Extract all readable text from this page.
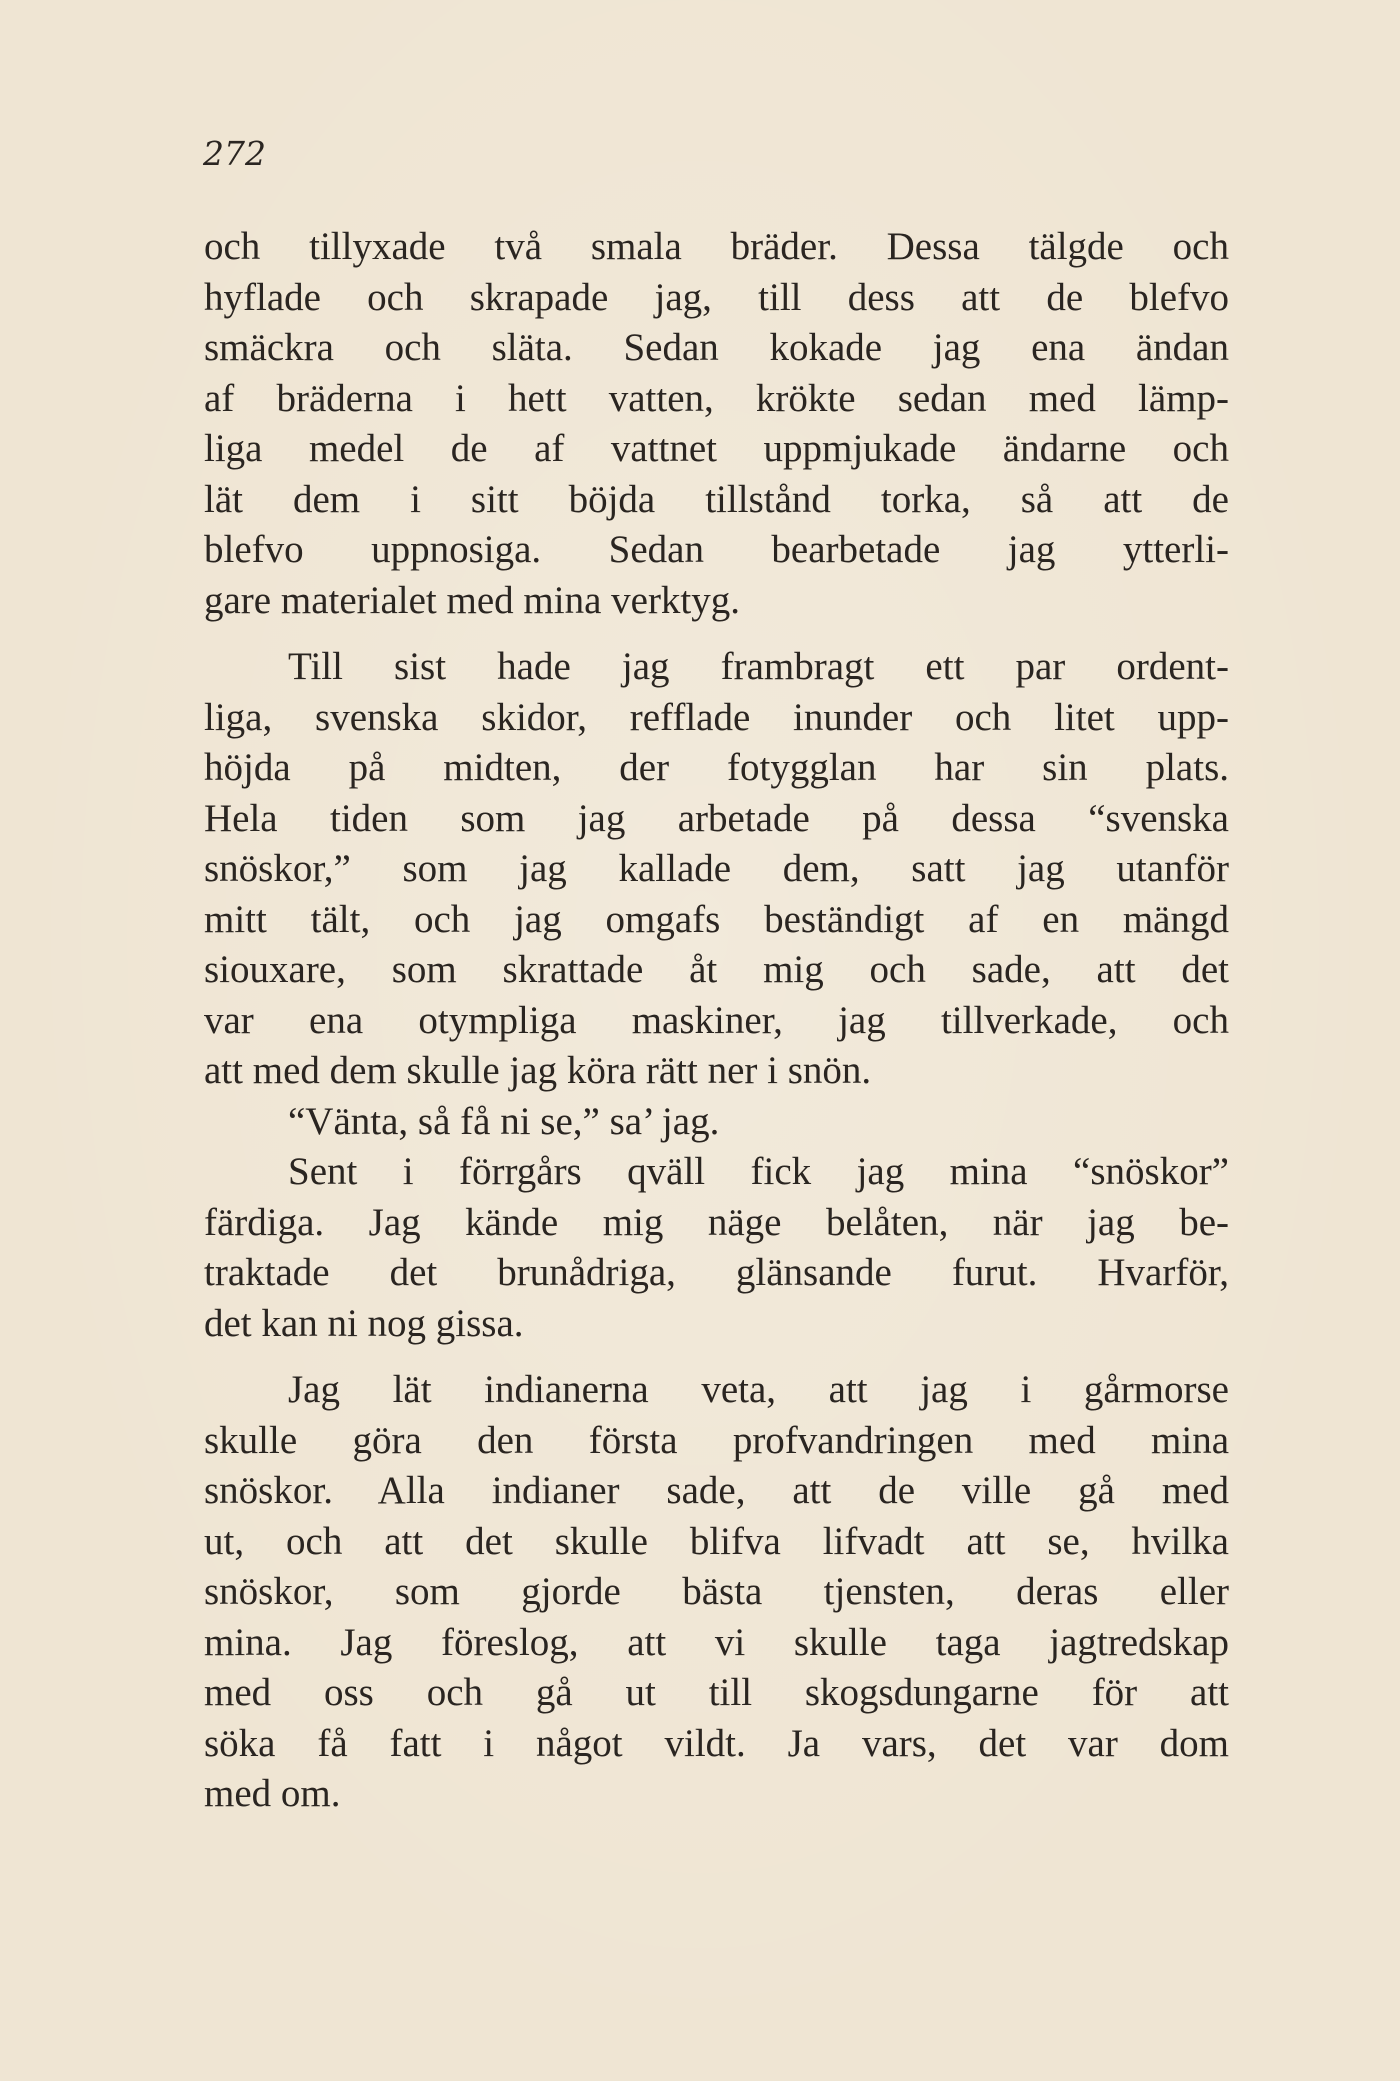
272
och tillyxade två smala bräder. Dessa tälgde och
hyflade och skrapade jag, till dess att de blefvo
smäckra och släta. Sedan kokade jag ena ändan
af bräderna i hett vatten, krökte sedan med lämp-
liga medel de af vattnet uppmjukade ändarne och
lät dem i sitt böjda tillstånd torka, så att de
blefvo uppnosiga. Sedan bearbetade jag ytterli-
gare materialet med mina verktyg.
Till sist hade jag frambragt ett par ordent-
liga, svenska skidor, refflade inunder och litet upp-
höjda på midten, der fotygglan har sin plats.
Hela tiden som jag arbetade på dessa “svenska
snöskor,” som jag kallade dem, satt jag utanför
mitt tält, och jag omgafs beständigt af en mängd
siouxare, som skrattade åt mig och sade, att det
var ena otympliga maskiner, jag tillverkade, och
att med dem skulle jag köra rätt ner i snön.
“Vänta, så få ni se,” sa’ jag.
Sent i förrgårs qväll fick jag mina “snöskor”
färdiga. Jag kände mig näge belåten, när jag be-
traktade det brunådriga, glänsande furut. Hvarför,
det kan ni nog gissa.
Jag lät indianerna veta, att jag i gårmorse
skulle göra den första profvandringen med mina
snöskor. Alla indianer sade, att de ville gå med
ut, och att det skulle blifva lifvadt att se, hvilka
snöskor, som gjorde bästa tjensten, deras eller
mina. Jag föreslog, att vi skulle taga jagtredskap
med oss och gå ut till skogsdungarne för att
söka få fatt i något vildt. Ja vars, det var dom
med om.
